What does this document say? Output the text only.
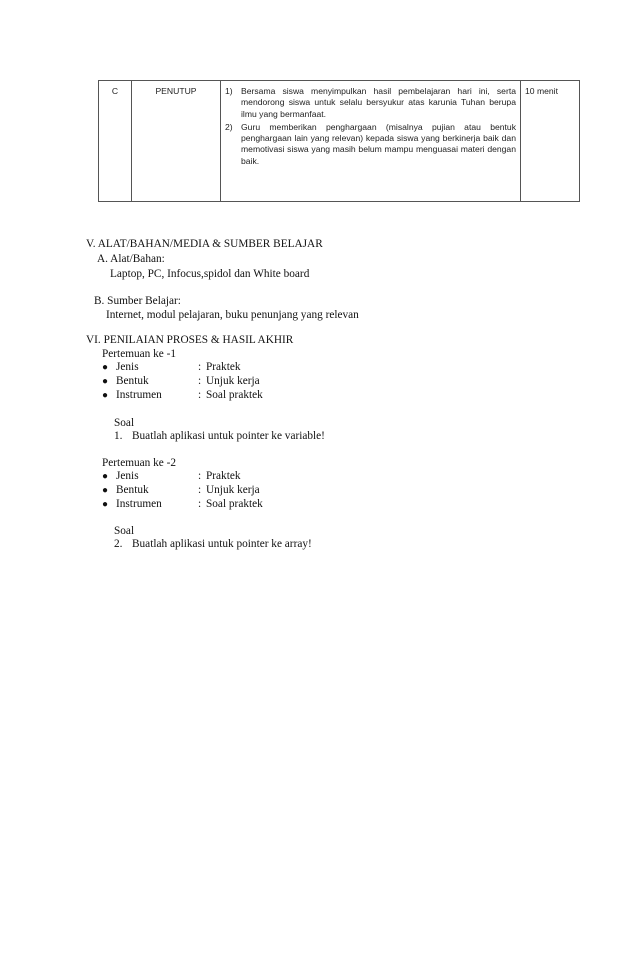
C	PENUTUP	1) Bersama siswa menyimpulkan hasil pembelajaran hari ini, serta mendorong siswa untuk selalu bersyukur atas karunia Tuhan berupa ilmu yang bermanfaat.
2) Guru memberikan penghargaan (misalnya pujian atau bentuk penghargaan lain yang relevan) kepada siswa yang berkinerja baik dan memotivasi siswa yang masih belum mampu menguasai materi dengan baik.
	10 menit
V. ALAT/BAHAN/MEDIA & SUMBER BELAJAR
A. Alat/Bahan:
Laptop, PC, Infocus,spidol dan White board
B. Sumber Belajar:
Internet, modul pelajaran, buku penunjang yang relevan
VI. PENILAIAN PROSES & HASIL AKHIR
Pertemuan ke -1
● Jenis	: Praktek
● Bentuk	: Unjuk kerja
● Instrumen	: Soal praktek
Soal
1. Buatlah aplikasi untuk pointer ke variable!
Pertemuan ke -2
● Jenis	: Praktek
● Bentuk	: Unjuk kerja
● Instrumen	: Soal praktek
Soal
2. Buatlah aplikasi untuk pointer ke array!
